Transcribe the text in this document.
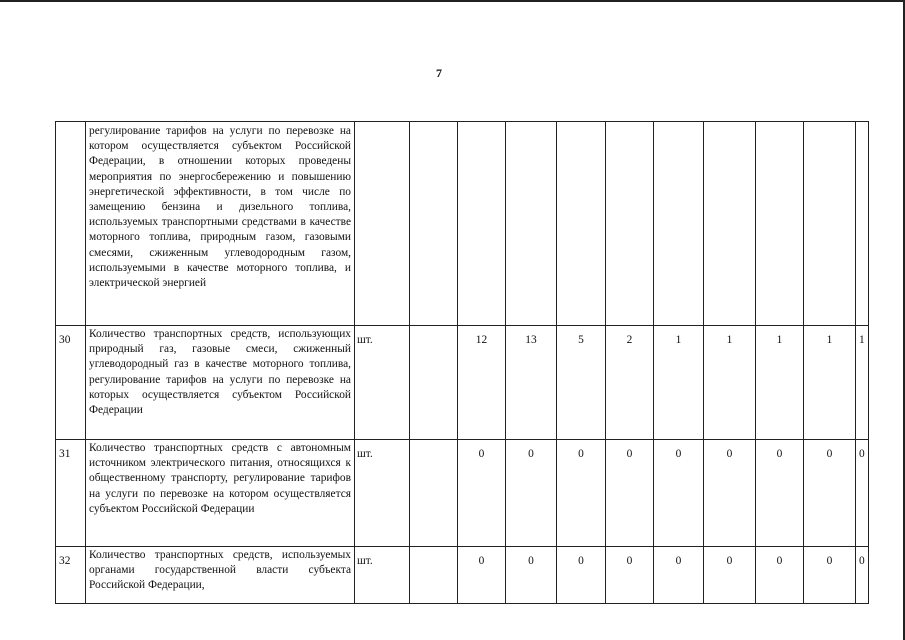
7
	регулирование тарифов на услуги по перевозке на котором осуществляется субъектом Российской Федерации, в отношении которых проведены мероприятия по энергосбережению и повышению энергетической эффективности, в том числе по замещению бензина и дизельного топлива, используемых транспортными средствами в качестве моторного топлива, природным газом, газовыми смесями, сжиженным углеводородным газом, используемыми в качестве моторного топлива, и электрической энергией											
30	Количество транспортных средств, использующих природный газ, газовые смеси, сжиженный углеводородный газ в качестве моторного топлива, регулирование тарифов на услуги по перевозке на которых осуществляется субъектом Российской Федерации	шт.		12	13	5	2	1	1	1	1	1
31	Количество транспортных средств с автономным источником электрического питания, относящихся к общественному транспорту, регулирование тарифов на услуги по перевозке на котором осуществляется субъектом Российской Федерации	шт.		0	0	0	0	0	0	0	0	0
32	Количество транспортных средств, используемых органами государственной власти субъекта Российской Федерации,	шт.		0	0	0	0	0	0	0	0	0
